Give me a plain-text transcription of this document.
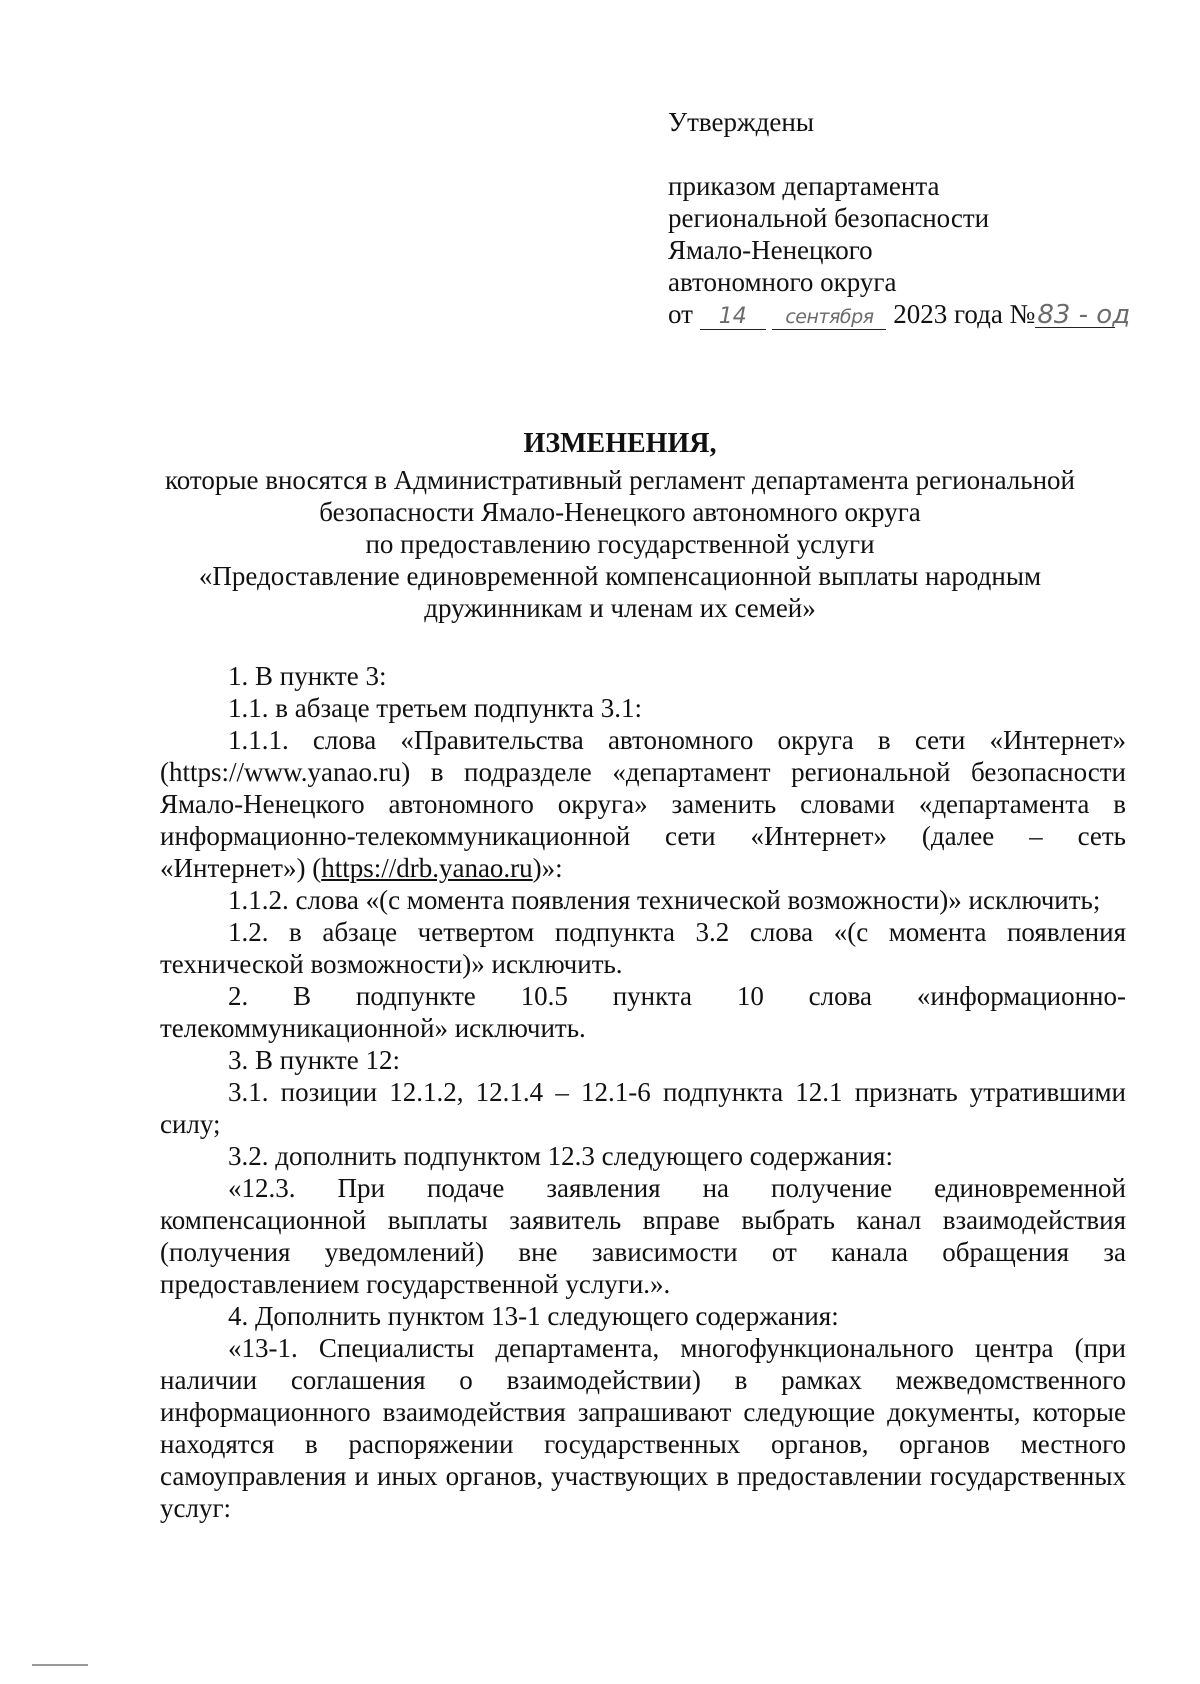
Утверждены
приказом департамента
региональной безопасности
Ямало-Ненецкого
автономного округа
от 14 сентября 2023 года №83 - од
ИЗМЕНЕНИЯ,
которые вносятся в Административный регламент департамента региональной
безопасности Ямало-Ненецкого автономного округа
по предоставлению государственной услуги
«Предоставление единовременной компенсационной выплаты народным
дружинникам и членам их семей»

1. В пункте 3:

1.1. в абзаце третьем подпункта 3.1:

1.1.1. слова «Правительства автономного округа в сети «Интернет» (https://www.yanao.ru) в подразделе «департамент региональной безопасности Ямало-Ненецкого автономного округа» заменить словами «департамента в информационно-телекоммуникационной сети «Интернет» (далее – сеть «Интернет») (https://drb.yanao.ru)»:

1.1.2. слова «(с момента появления технической возможности)» исключить;

1.2. в абзаце четвертом подпункта 3.2 слова «(с момента появления технической возможности)» исключить.

2. В подпункте 10.5 пункта 10 слова «информационно-телекоммуникационной» исключить.

3. В пункте 12:

3.1. позиции 12.1.2, 12.1.4 – 12.1-6 подпункта 12.1 признать утратившими силу;

3.2. дополнить подпунктом 12.3 следующего содержания:

«12.3. При подаче заявления на получение единовременной компенсационной выплаты заявитель вправе выбрать канал взаимодействия (получения уведомлений) вне зависимости от канала обращения за предоставлением государственной услуги.».

4. Дополнить пунктом 13-1 следующего содержания:

«13-1. Специалисты департамента, многофункционального центра (при наличии соглашения о взаимодействии) в рамках межведомственного информационного взаимодействия запрашивают следующие документы, которые находятся в распоряжении государственных органов, органов местного самоуправления и иных органов, участвующих в предоставлении государственных услуг:
